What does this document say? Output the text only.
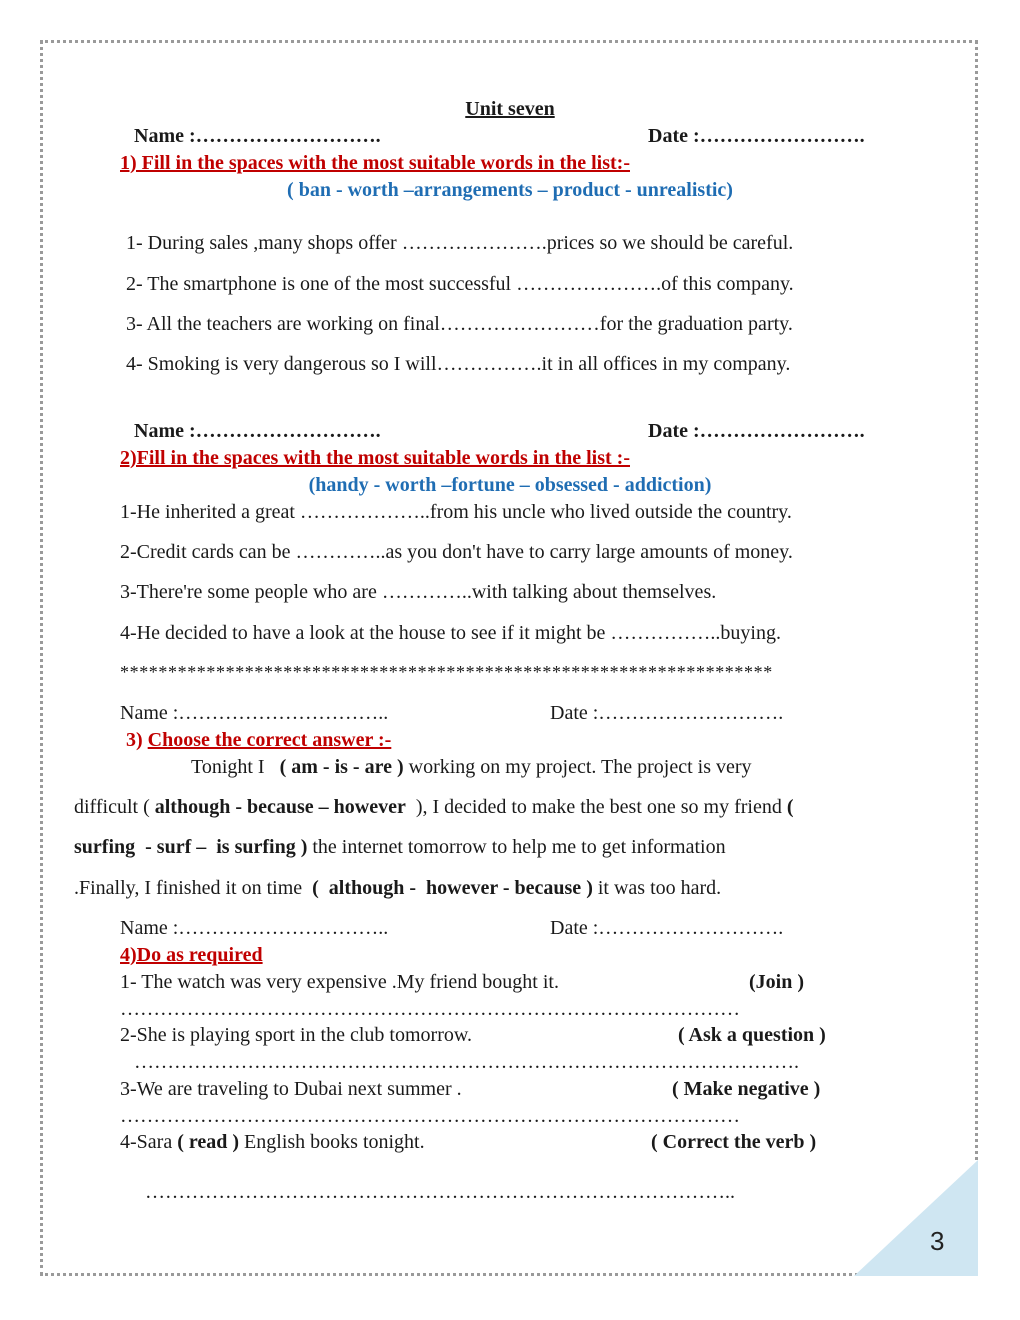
3
Unit seven
Name :……………………….	Date :…………………….
1) Fill in the spaces with the most suitable words in the list:-
( ban - worth –arrangements – product - unrealistic)
1- During sales ,many shops offer ………………….prices so we should be careful.
2- The smartphone is one of the most successful ………………….of this company.
3- All the teachers are working on final……………………for the graduation party.
4- Smoking is very dangerous so I will…………….it in all offices in my company.
Name :……………………….	Date :…………………….
2)Fill in the spaces with the most suitable words in the list :-
(handy - worth –fortune – obsessed - addiction)
1-He inherited a great ………………..from his uncle who lived outside the country.
2-Credit cards can be …………..as you don't have to carry large amounts of money.
3-There're some people who are …………..with talking about themselves.
4-He decided to have a look at the house to see if it might be ……………..buying.
********************************************************************
Name :…………………………..	Date :……………………….
3) Choose the correct answer :-
Tonight I   ( am - is - are ) working on my project. The project is very
difficult ( although - because – however  ), I decided to make the best one so my friend (
surfing  - surf –  is surfing ) the internet tomorrow to help me to get information
.Finally, I finished it on time  (  although -  however - because ) it was too hard.
Name :…………………………..	Date :……………………….
4)Do as required
1- The watch was very expensive .My friend bought it.	(Join )
…………………………………………………………………………………
2-She is playing sport in the club tomorrow.	( Ask a question )
……………………………………………………………………………………….
3-We are traveling to Dubai next summer .	( Make negative )
…………………………………………………………………………………
4-Sara ( read ) English books tonight.	( Correct the verb )
……………………………………………………………………………..
